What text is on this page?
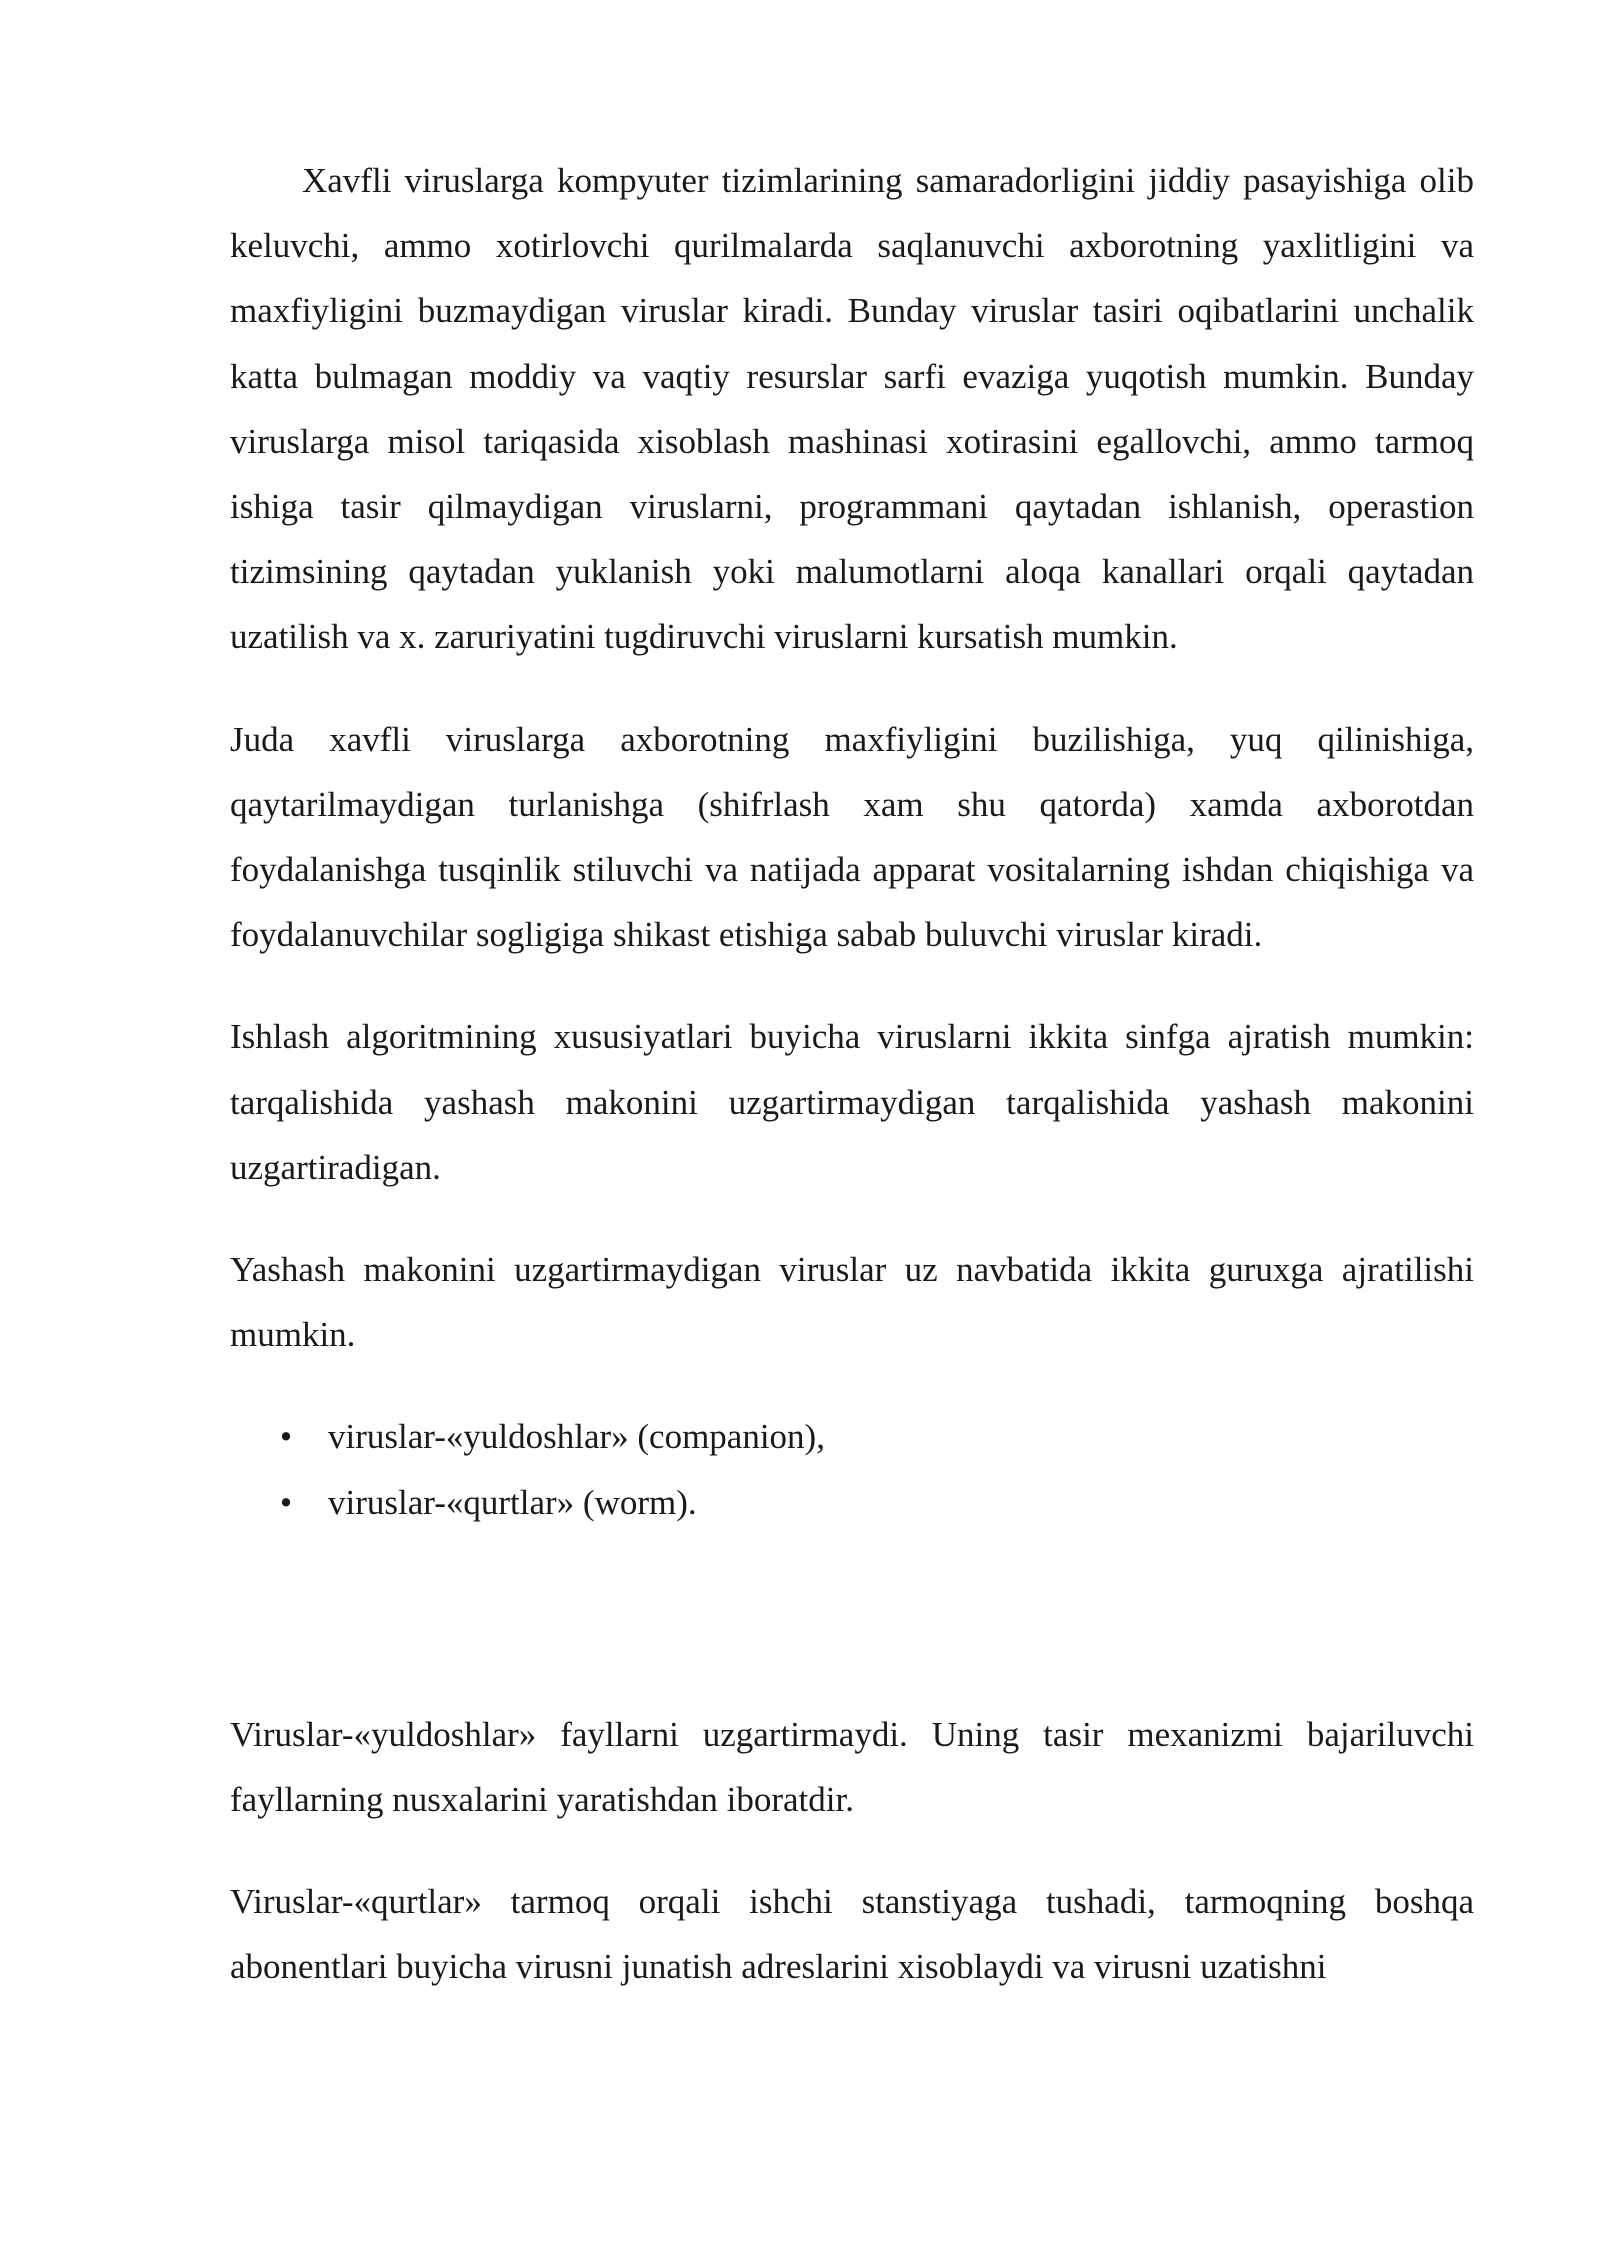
Xavfli viruslarga kompyuter tizimlarining samaradorligini jiddiy pasayishiga olib keluvchi, ammo xotirlovchi qurilmalarda saqlanuvchi axborotning yaxlitligini va maxfiyligini buzmaydigan viruslar kiradi. Bunday viruslar tasiri oqibatlarini unchalik katta bulmagan moddiy va vaqtiy resurslar sarfi evaziga yuqotish mumkin. Bunday viruslarga misol tariqasida xisoblash mashinasi xotirasini egallovchi, ammo tarmoq ishiga tasir qilmaydigan viruslarni, programmani qaytadan ishlanish, operastion tizimsining qaytadan yuklanish yoki malumotlarni aloqa kanallari orqali qaytadan uzatilish va x. zaruriyatini tugdiruvchi viruslarni kursatish mumkin.

Juda xavfli viruslarga axborotning maxfiyligini buzilishiga, yuq qilinishiga, qaytarilmaydigan turlanishga (shifrlash xam shu qatorda) xamda axborotdan foydalanishga tusqinlik stiluvchi va natijada apparat vositalarning ishdan chiqishiga va foydalanuvchilar sogligiga shikast etishiga sabab buluvchi viruslar kiradi.

Ishlash algoritmining xususiyatlari buyicha viruslarni ikkita sinfga ajratish mumkin: tarqalishida yashash makonini uzgartirmaydigan tarqalishida yashash makonini uzgartiradigan.

Yashash makonini uzgartirmaydigan viruslar uz navbatida ikkita guruxga ajratilishi mumkin.

• viruslar-«yuldoshlar» (companion),
• viruslar-«qurtlar» (worm).

Viruslar-«yuldoshlar» fayllarni uzgartirmaydi. Uning tasir mexanizmi bajariluvchi fayllarning nusxalarini yaratishdan iboratdir.

Viruslar-«qurtlar» tarmoq orqali ishchi stanstiyaga tushadi, tarmoqning boshqa abonentlari buyicha virusni junatish adreslarini xisoblaydi va virusni uzatishni
